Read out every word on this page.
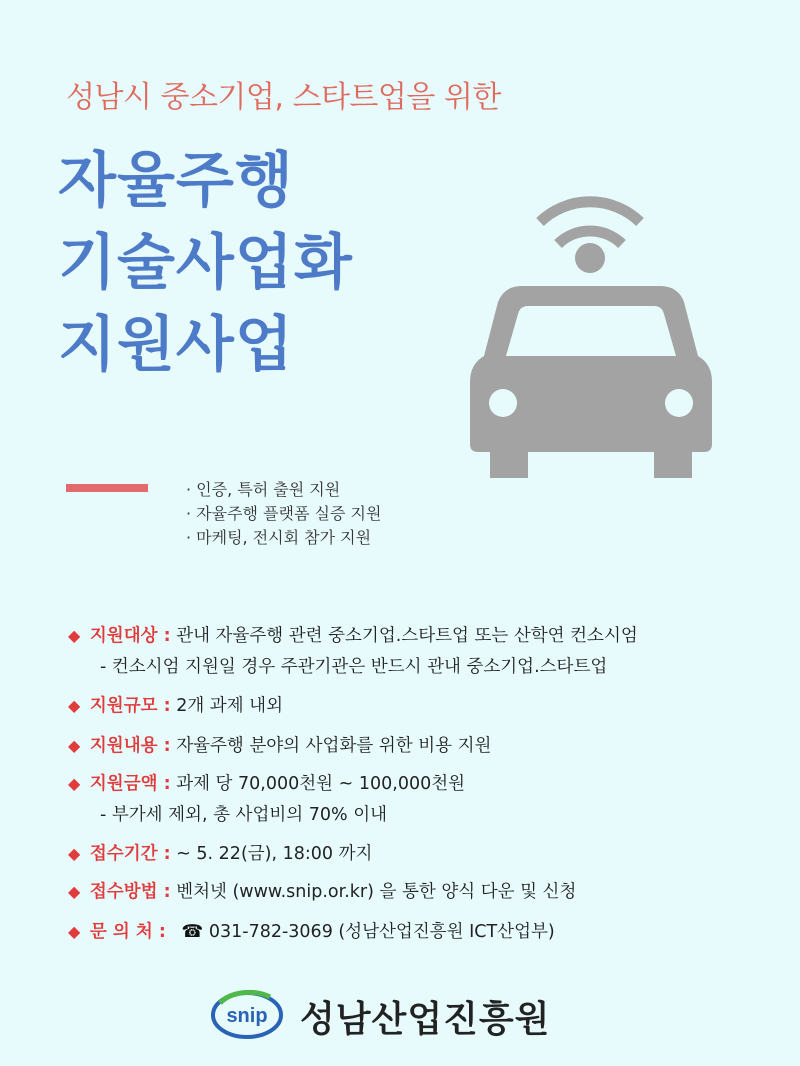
성남시 중소기업, 스타트업을 위한
자율주행
기술사업화
지원사업
· 인증, 특허 출원 지원
· 자율주행 플랫폼 실증 지원
· 마케팅, 전시회 참가 지원
◆ 지원대상 : 관내 자율주행 관련 중소기업.스타트업 또는 산학연 컨소시엄
- 컨소시엄 지원일 경우 주관기관은 반드시 관내 중소기업.스타트업
◆ 지원규모 : 2개 과제 내외
◆ 지원내용 : 자율주행 분야의 사업화를 위한 비용 지원
◆ 지원금액 : 과제 당 70,000천원 ~ 100,000천원
- 부가세 제외, 총 사업비의 70% 이내
◆ 접수기간 : ~ 5. 22(금), 18:00 까지
◆ 접수방법 : 벤처넷 (www.snip.or.kr) 을 통한 양식 다운 및 신청
◆ 문 의 처 : ☎ 031-782-3069 (성남산업진흥원 ICT산업부)
snip 성남산업진흥원
